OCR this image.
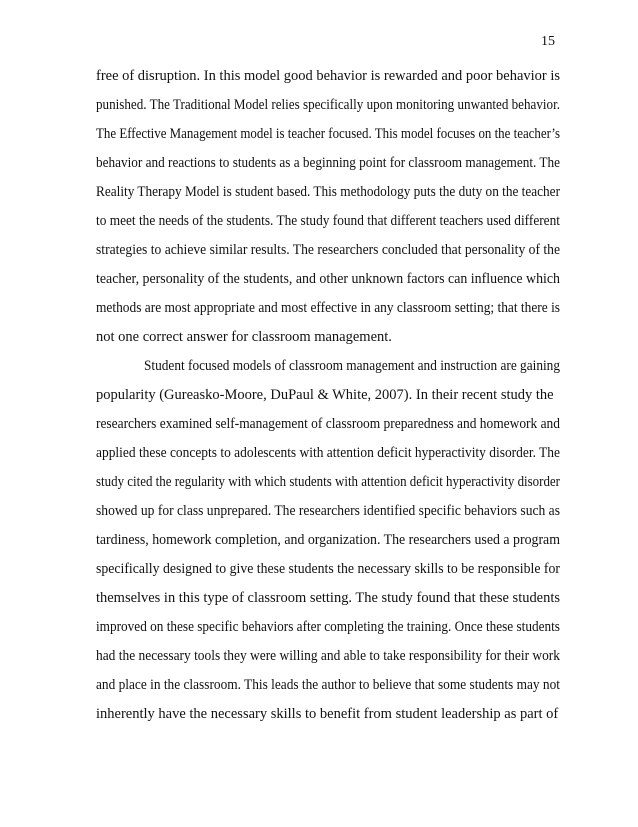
15
free of disruption. In this model good behavior is rewarded and poor behavior is
punished. The Traditional Model relies specifically upon monitoring unwanted behavior.
The Effective Management model is teacher focused. This model focuses on the teacher’s
behavior and reactions to students as a beginning point for classroom management. The
Reality Therapy Model is student based. This methodology puts the duty on the teacher
to meet the needs of the students. The study found that different teachers used different
strategies to achieve similar results. The researchers concluded that personality of the
teacher, personality of the students, and other unknown factors can influence which
methods are most appropriate and most effective in any classroom setting; that there is
not one correct answer for classroom management.
Student focused models of classroom management and instruction are gaining
popularity (Gureasko-Moore, DuPaul & White, 2007). In their recent study the
researchers examined self-management of classroom preparedness and homework and
applied these concepts to adolescents with attention deficit hyperactivity disorder. The
study cited the regularity with which students with attention deficit hyperactivity disorder
showed up for class unprepared. The researchers identified specific behaviors such as
tardiness, homework completion, and organization. The researchers used a program
specifically designed to give these students the necessary skills to be responsible for
themselves in this type of classroom setting. The study found that these students
improved on these specific behaviors after completing the training. Once these students
had the necessary tools they were willing and able to take responsibility for their work
and place in the classroom. This leads the author to believe that some students may not
inherently have the necessary skills to benefit from student leadership as part of
